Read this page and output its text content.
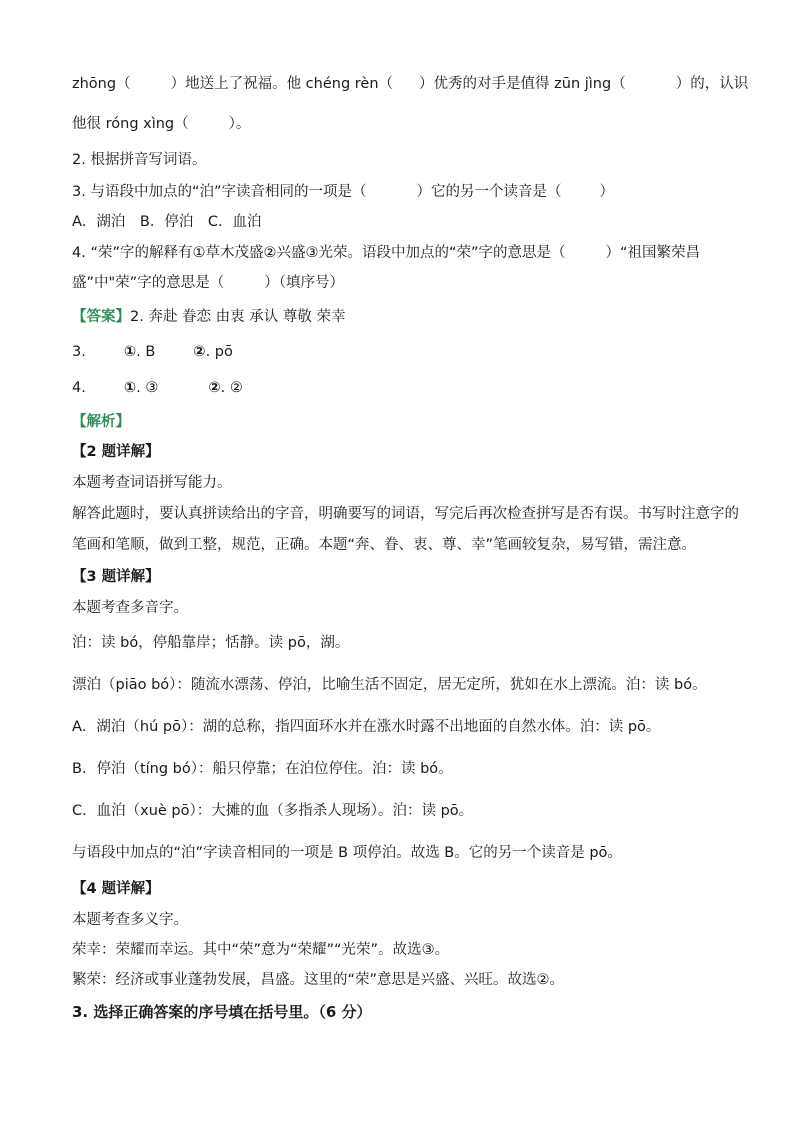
zhōng（	）地送上了祝福。他 chéng rèn（ ）优秀的对手是值得 zūn jìng（	）的，认识
他很 róng xìng（	）。
2. 根据拼音写词语。
3. 与语段中加点的“泊”字读音相同的一项是（	）它的另一个读音是（	）
A．湖泊　B．停泊　C．血泊
4. “荣”字的解释有①草木茂盛②兴盛③光荣。语段中加点的“荣”字的意思是（	）“祖国繁荣昌
盛”中"荣”字的意思是（	）（填序号）
【答案】2. 奔赴 眷恋 由衷 承认 尊敬 荣幸
3.	①. B	②. pō
4.	①. ③	②. ②
【解析】
【2 题详解】
本题考查词语拼写能力。
解答此题时，要认真拼读给出的字音，明确要写的词语，写完后再次检查拼写是否有误。书写时注意字的
笔画和笔顺，做到工整，规范，正确。本题“奔、眷、衷、尊、幸”笔画较复杂，易写错，需注意。
【3 题详解】
本题考查多音字。
泊：读 bó，停船靠岸；恬静。读 pō，湖。
漂泊（piāo bó）：随流水漂荡、停泊，比喻生活不固定，居无定所，犹如在水上漂流。泊：读 bó。
A．湖泊（hú pō）：湖的总称，指四面环水并在涨水时露不出地面的自然水体。泊：读 pō。
B．停泊（tíng bó）：船只停靠；在泊位停住。泊：读 bó。
C．血泊（xuè pō）：大摊的血（多指杀人现场）。泊：读 pō。
与语段中加点的“泊”字读音相同的一项是 B 项停泊。故选 B。它的另一个读音是 pō。
【4 题详解】
本题考查多义字。
荣幸：荣耀而幸运。其中“荣”意为“荣耀”“光荣”。故选③。
繁荣：经济或事业蓬勃发展，昌盛。这里的“荣”意思是兴盛、兴旺。故选②。
3. 选择正确答案的序号填在括号里。（6 分）
